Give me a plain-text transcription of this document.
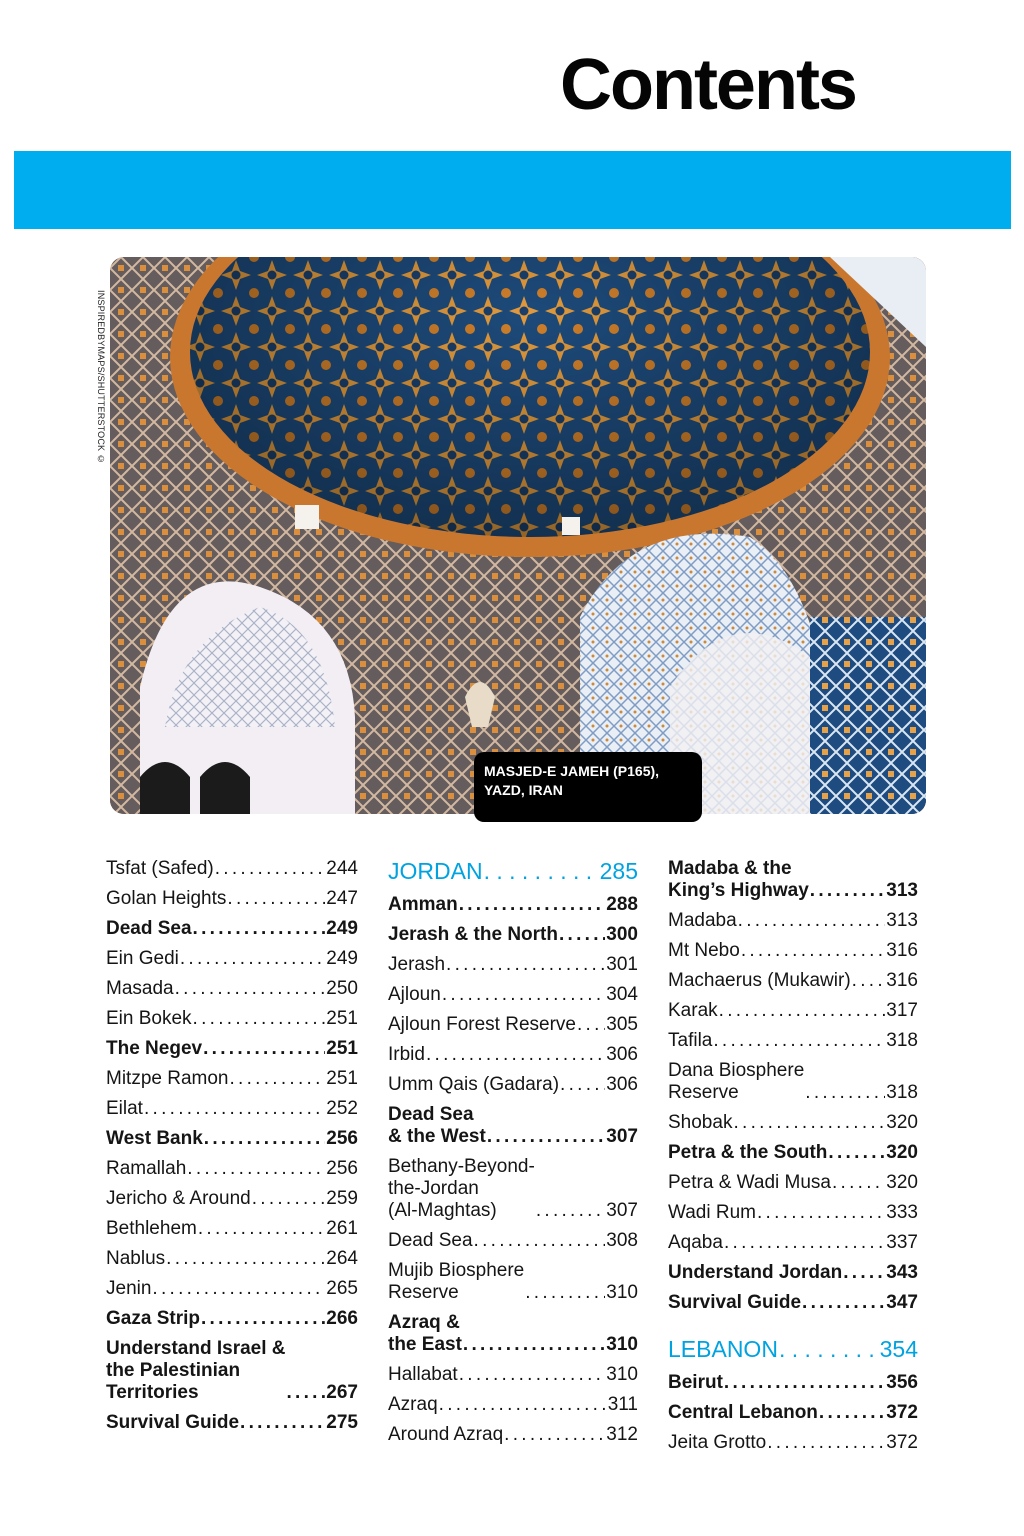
Contents
INSPIREDBYMAPS/SHUTTERSTOCK ©
MASJED-E JAMEH (P165),
YAZD, IRAN
Tsfat (Safed) . . .	244
Golan Heights . . .	247
Dead Sea . . .	249
Ein Gedi . . .	249
Masada . . .	250
Ein Bokek . . .	251
The Negev . . .	251
Mitzpe Ramon . . .	251
Eilat . . .	252
West Bank . . .	256
Ramallah . . .	256
Jericho & Around . . .	259
Bethlehem . . .	261
Nablus . . .	264
Jenin . . .	265
Gaza Strip . . .	266
Understand Israel &
the Palestinian
Territories . . .	267
Survival Guide . . .	275
JORDAN . . .	285
Amman . . .	288
Jerash & the North . . .	300
Jerash . . .	301
Ajloun . . .	304
Ajloun Forest Reserve . . . 305
Irbid . . .	306
Umm Qais (Gadara) . . . 306
Dead Sea
& the West . . .	307
Bethany-Beyond-
the-Jordan
(Al-Maghtas) . . .	307
Dead Sea . . .	308
Mujib Biosphere
Reserve . . .	310
Azraq &
the East . . .	310
Hallabat . . .	310
Azraq . . .	311
Around Azraq . . .	312
Madaba & the
King’s Highway . . .	313
Madaba . . .	313
Mt Nebo . . .	316
Machaerus (Mukawir) . . . 316
Karak . . .	317
Tafila . . .	318
Dana Biosphere
Reserve . . .	318
Shobak . . .	320
Petra & the South . . .	320
Petra & Wadi Musa . . .	320
Wadi Rum . . .	333
Aqaba . . .	337
Understand Jordan . . . 343
Survival Guide . . .	347
LEBANON . . .	354
Beirut . . .	356
Central Lebanon . . .	372
Jeita Grotto . . .	372
